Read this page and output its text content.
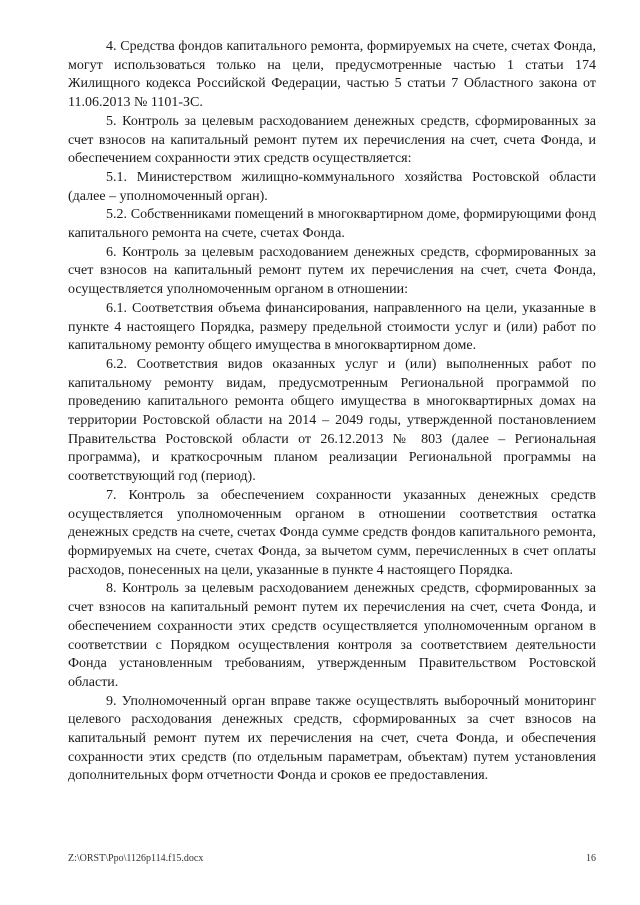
4. Средства фондов капитального ремонта, формируемых на счете, счетах Фонда, могут использоваться только на цели, предусмотренные частью 1 статьи 174 Жилищного кодекса Российской Федерации, частью 5 статьи 7 Областного закона от 11.06.2013 № 1101-ЗС.

5. Контроль за целевым расходованием денежных средств, сформированных за счет взносов на капитальный ремонт путем их перечисления на счет, счета Фонда, и обеспечением сохранности этих средств осуществляется:

5.1. Министерством жилищно-коммунального хозяйства Ростовской области (далее – уполномоченный орган).

5.2. Собственниками помещений в многоквартирном доме, формирующими фонд капитального ремонта на счете, счетах Фонда.

6. Контроль за целевым расходованием денежных средств, сформированных за счет взносов на капитальный ремонт путем их перечисления на счет, счета Фонда, осуществляется уполномоченным органом в отношении:

6.1. Соответствия объема финансирования, направленного на цели, указанные в пункте 4 настоящего Порядка, размеру предельной стоимости услуг и (или) работ по капитальному ремонту общего имущества в многоквартирном доме.

6.2. Соответствия видов оказанных услуг и (или) выполненных работ по капитальному ремонту видам, предусмотренным Региональной программой по проведению капитального ремонта общего имущества в многоквартирных домах на территории Ростовской области на 2014 – 2049 годы, утвержденной постановлением Правительства Ростовской области от 26.12.2013 № 803 (далее – Региональная программа), и краткосрочным планом реализации Региональной программы на соответствующий год (период).

7. Контроль за обеспечением сохранности указанных денежных средств осуществляется уполномоченным органом в отношении соответствия остатка денежных средств на счете, счетах Фонда сумме средств фондов капитального ремонта, формируемых на счете, счетах Фонда, за вычетом сумм, перечисленных в счет оплаты расходов, понесенных на цели, указанные в пункте 4 настоящего Порядка.

8. Контроль за целевым расходованием денежных средств, сформированных за счет взносов на капитальный ремонт путем их перечисления на счет, счета Фонда, и обеспечением сохранности этих средств осуществляется уполномоченным органом в соответствии с Порядком осуществления контроля за соответствием деятельности Фонда установленным требованиям, утвержденным Правительством Ростовской области.

9. Уполномоченный орган вправе также осуществлять выборочный мониторинг целевого расходования денежных средств, сформированных за счет взносов на капитальный ремонт путем их перечисления на счет, счета Фонда, и обеспечения сохранности этих средств (по отдельным параметрам, объектам) путем установления дополнительных форм отчетности Фонда и сроков ее предоставления.

Z:\ORST\Ppo\1126p114.f15.docx	16
